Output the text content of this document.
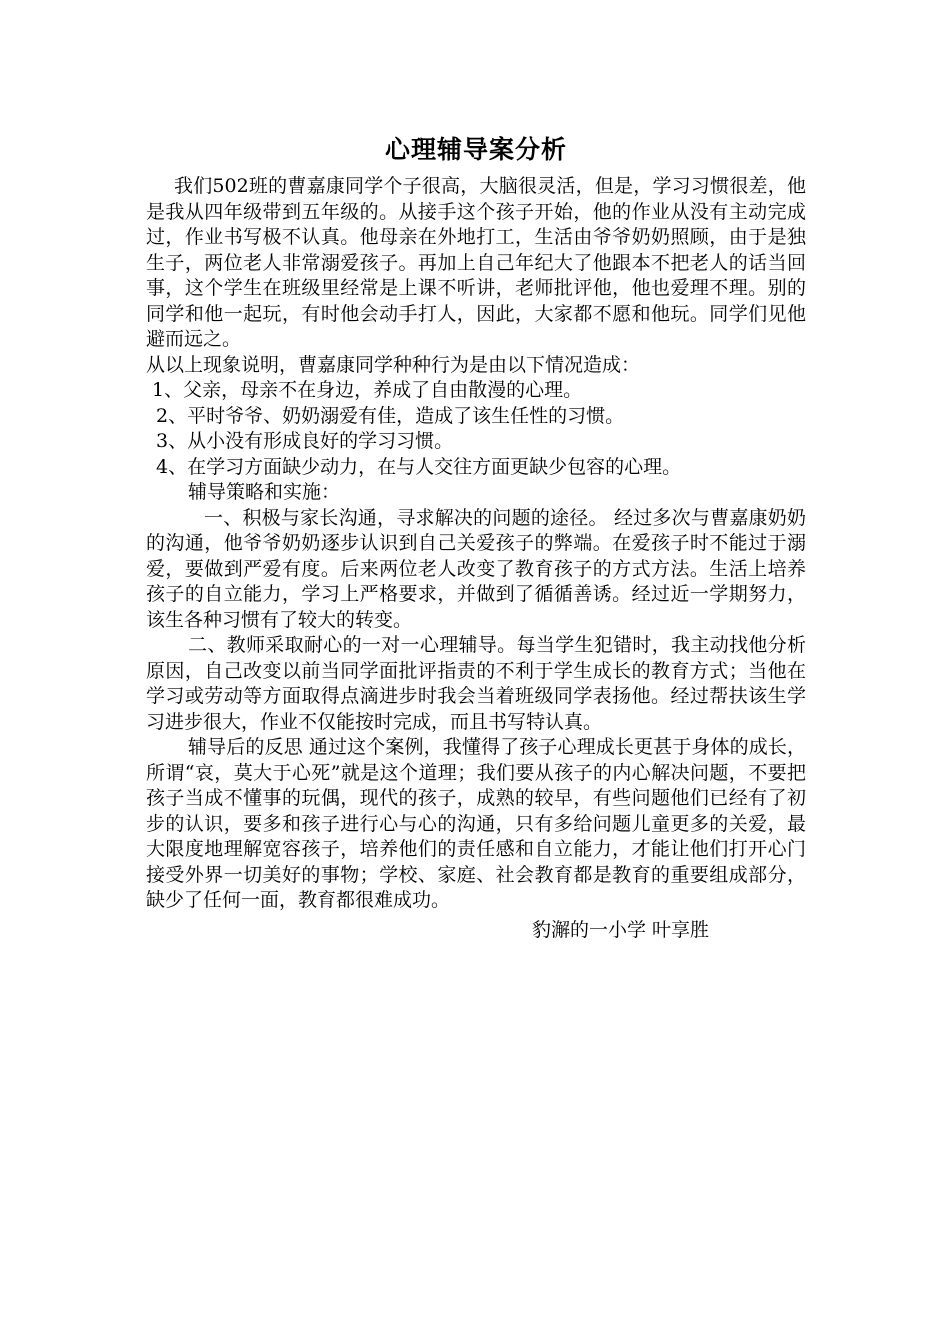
心理辅导案分析

我们502班的曹嘉康同学个子很高，大脑很灵活，但是，学习习惯很差，他是我从四年级带到五年级的。从接手这个孩子开始，他的作业从没有主动完成过，作业书写极不认真。他母亲在外地打工，生活由爷爷奶奶照顾，由于是独生子，两位老人非常溺爱孩子。再加上自己年纪大了他跟本不把老人的话当回事，这个学生在班级里经常是上课不听讲，老师批评他，他也爱理不理。别的同学和他一起玩，有时他会动手打人，因此，大家都不愿和他玩。同学们见他避而远之。

从以上现象说明，曹嘉康同学种种行为是由以下情况造成：

1、父亲，母亲不在身边，养成了自由散漫的心理。

2、平时爷爷、奶奶溺爱有佳，造成了该生任性的习惯。

3、从小没有形成良好的学习习惯。

4、在学习方面缺少动力，在与人交往方面更缺少包容的心理。

辅导策略和实施：

一、积极与家长沟通，寻求解决的问题的途径。 经过多次与曹嘉康奶奶的沟通，他爷爷奶奶逐步认识到自己关爱孩子的弊端。在爱孩子时不能过于溺爱，要做到严爱有度。后来两位老人改变了教育孩子的方式方法。生活上培养孩子的自立能力，学习上严格要求，并做到了循循善诱。经过近一学期努力，该生各种习惯有了较大的转变。

二、教师采取耐心的一对一心理辅导。每当学生犯错时，我主动找他分析原因，自己改变以前当同学面批评指责的不利于学生成长的教育方式；当他在学习或劳动等方面取得点滴进步时我会当着班级同学表扬他。经过帮扶该生学习进步很大，作业不仅能按时完成，而且书写特认真。

辅导后的反思 通过这个案例，我懂得了孩子心理成长更甚于身体的成长，所谓“哀，莫大于心死”就是这个道理；我们要从孩子的内心解决问题，不要把孩子当成不懂事的玩偶，现代的孩子，成熟的较早，有些问题他们已经有了初步的认识，要多和孩子进行心与心的沟通，只有多给问题儿童更多的关爱，最大限度地理解宽容孩子，培养他们的责任感和自立能力，才能让他们打开心门接受外界一切美好的事物；学校、家庭、社会教育都是教育的重要组成部分，缺少了任何一面，教育都很难成功。

豹澥的一小学 叶享胜
